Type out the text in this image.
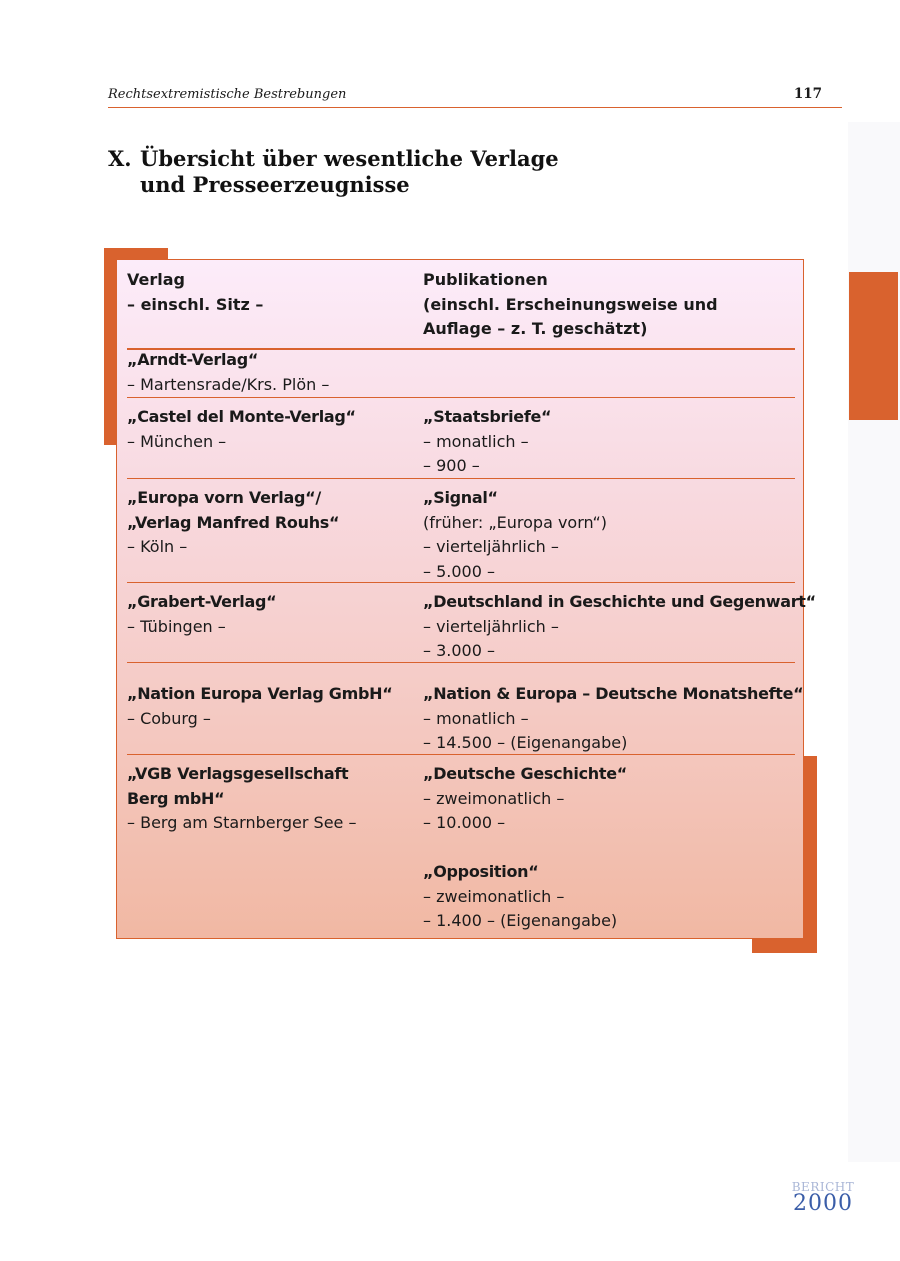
Rechtsextremistische Bestrebungen	117
X. Übersicht über wesentliche Verlage
und Presseerzeugnisse
Verlag
– einschl. Sitz –
Publikationen
(einschl. Erscheinungsweise und
Auflage – z. T. geschätzt)
„Arndt-Verlag“
– Martensrade/Krs. Plön –
„Castel del Monte-Verlag“
– München –
„Staatsbriefe“
– monatlich –
– 900 –
„Europa vorn Verlag“/
„Verlag Manfred Rouhs“
– Köln –
„Signal“
(früher: „Europa vorn“)
– vierteljährlich –
– 5.000 –
„Grabert-Verlag“
– Tübingen –
„Deutschland in Geschichte und Gegenwart“
– vierteljährlich –
– 3.000 –
„Nation Europa Verlag GmbH“
– Coburg –
„Nation & Europa – Deutsche Monatshefte“
– monatlich –
– 14.500 – (Eigenangabe)
„VGB Verlagsgesellschaft
Berg mbH“
– Berg am Starnberger See –
„Deutsche Geschichte“
– zweimonatlich –
– 10.000 –
„Opposition“
– zweimonatlich –
– 1.400 – (Eigenangabe)
BERICHT
2000
